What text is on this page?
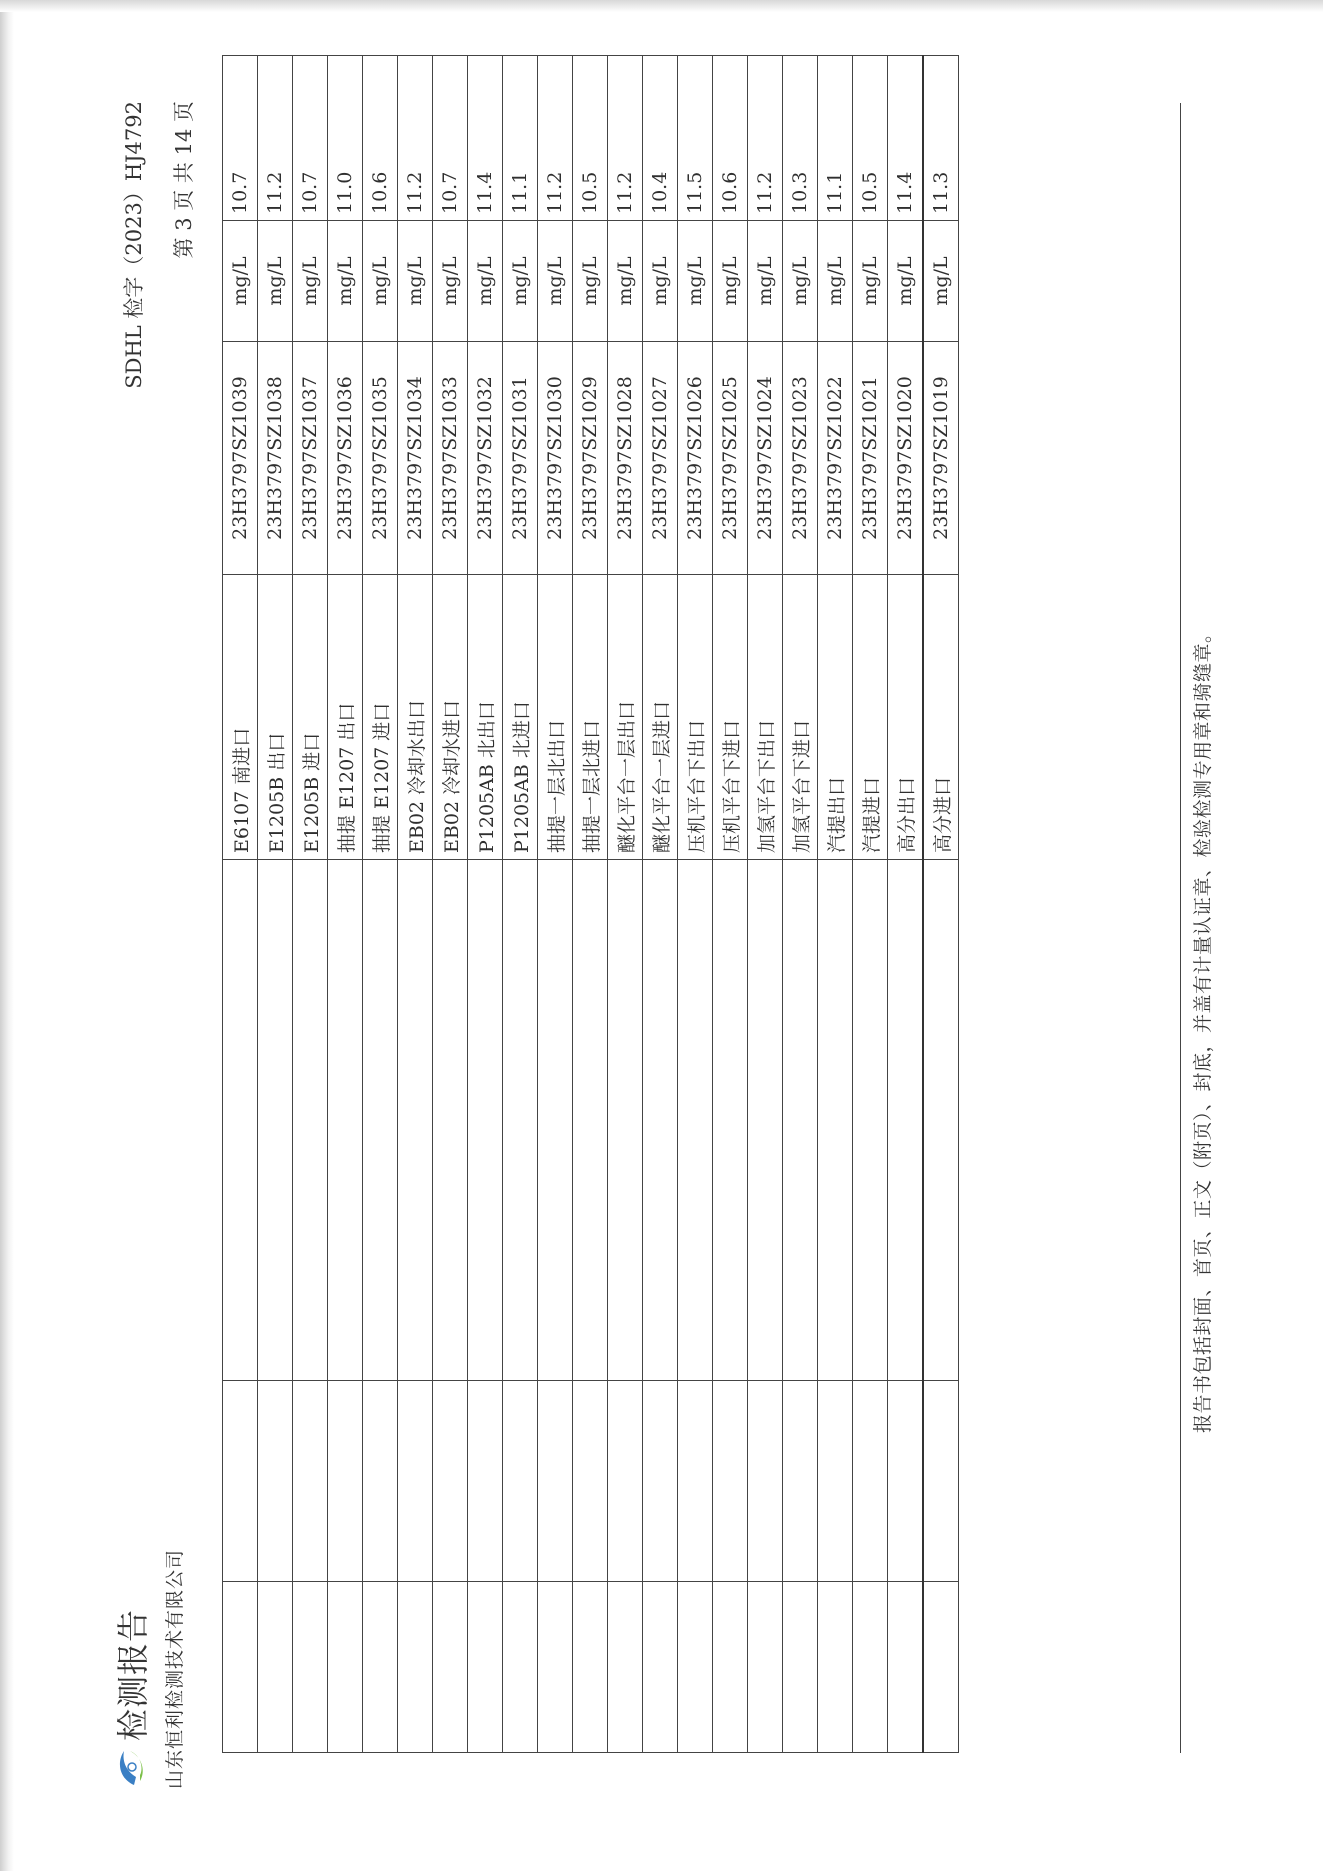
检测报告 山东恒利检测技术有限公司
SDHL 检字（2023）HJ4792 第 3 页 共 14 页
			E6107 南进口	23H3797SZ1039	mg/L	10.7
			E1205B 出口	23H3797SZ1038	mg/L	11.2
			E1205B 进口	23H3797SZ1037	mg/L	10.7
			抽提 E1207 出口	23H3797SZ1036	mg/L	11.0
			抽提 E1207 进口	23H3797SZ1035	mg/L	10.6
			EB02 冷却水出口	23H3797SZ1034	mg/L	11.2
			EB02 冷却水进口	23H3797SZ1033	mg/L	10.7
			P1205AB 北出口	23H3797SZ1032	mg/L	11.4
			P1205AB 北进口	23H3797SZ1031	mg/L	11.1
			抽提一层北出口	23H3797SZ1030	mg/L	11.2
			抽提一层北进口	23H3797SZ1029	mg/L	10.5
			醚化平台一层出口	23H3797SZ1028	mg/L	11.2
			醚化平台一层进口	23H3797SZ1027	mg/L	10.4
			压机平台下出口	23H3797SZ1026	mg/L	11.5
			压机平台下进口	23H3797SZ1025	mg/L	10.6
			加氢平台下出口	23H3797SZ1024	mg/L	11.2
			加氢平台下进口	23H3797SZ1023	mg/L	10.3
			汽提出口	23H3797SZ1022	mg/L	11.1
			汽提进口	23H3797SZ1021	mg/L	10.5
			高分出口	23H3797SZ1020	mg/L	11.4
			高分进口	23H3797SZ1019	mg/L	11.3
报告书包括封面、首页、正文（附页）、封底，并盖有计量认证章、检验检测专用章和骑缝章。
